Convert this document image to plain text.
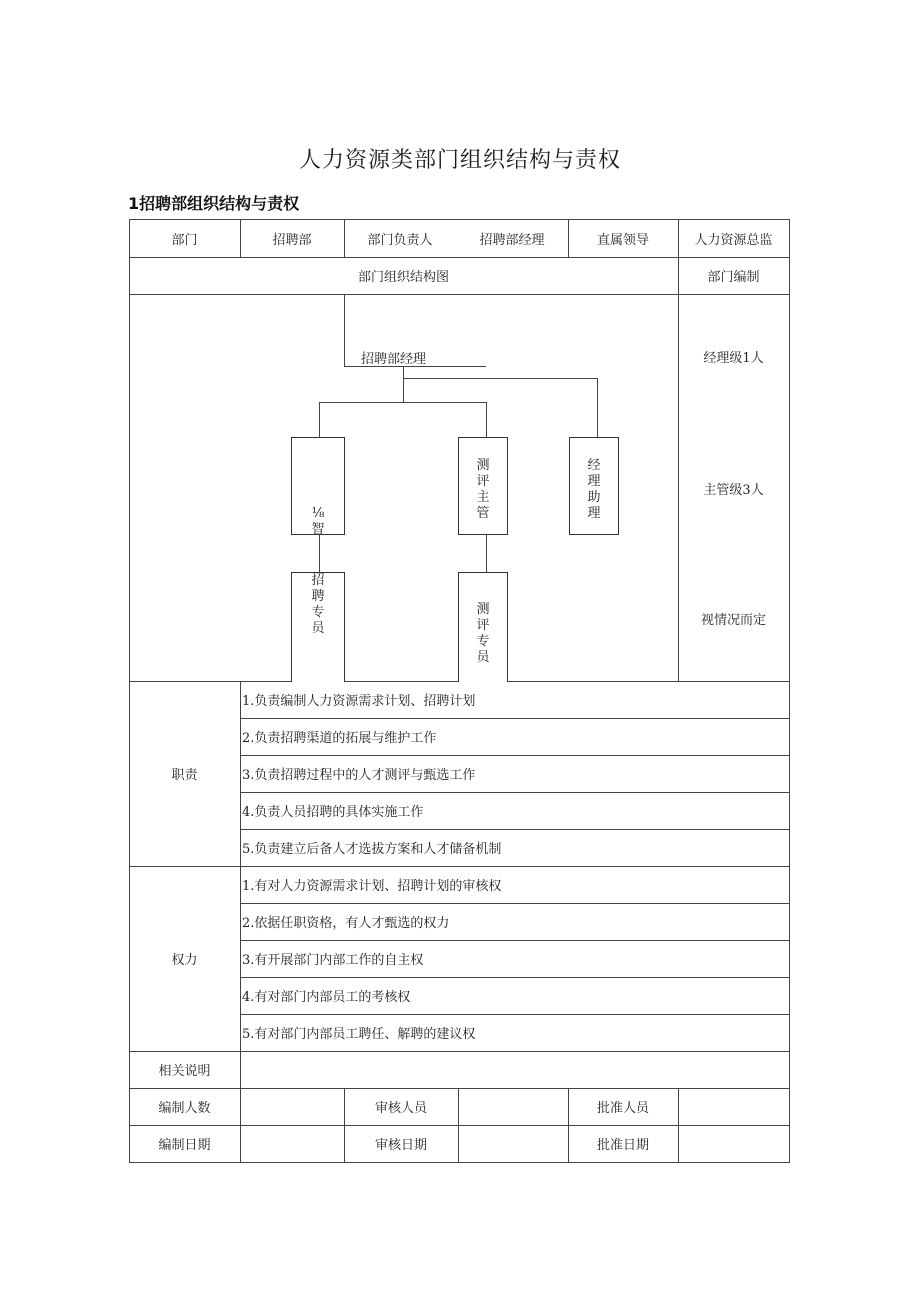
人力资源类部门组织结构与责权
1招聘部组织结构与责权
部门	招聘部	部门负责人	招聘部经理	直属领导	人力资源总监
部门组织结构图	部门编制
招聘部经理
⅛智
测评主管
经理助理
招聘专员
测评专员
经理级1人
主管级3人
视情况而定
职责
1.负责编制人力资源需求计划、招聘计划
2.负责招聘渠道的拓展与维护工作
3.负责招聘过程中的人才测评与甄选工作
4.负责人员招聘的具体实施工作
5.负责建立后备人才选拔方案和人才储备机制
权力
1.有对人力资源需求计划、招聘计划的审核权
2.依据任职资格，有人才甄选的权力
3.有开展部门内部工作的自主权
4.有对部门内部员工的考核权
5.有对部门内部员工聘任、解聘的建议权
相关说明
编制人数	审核人员	批准人员
编制日期	审核日期	批准日期
